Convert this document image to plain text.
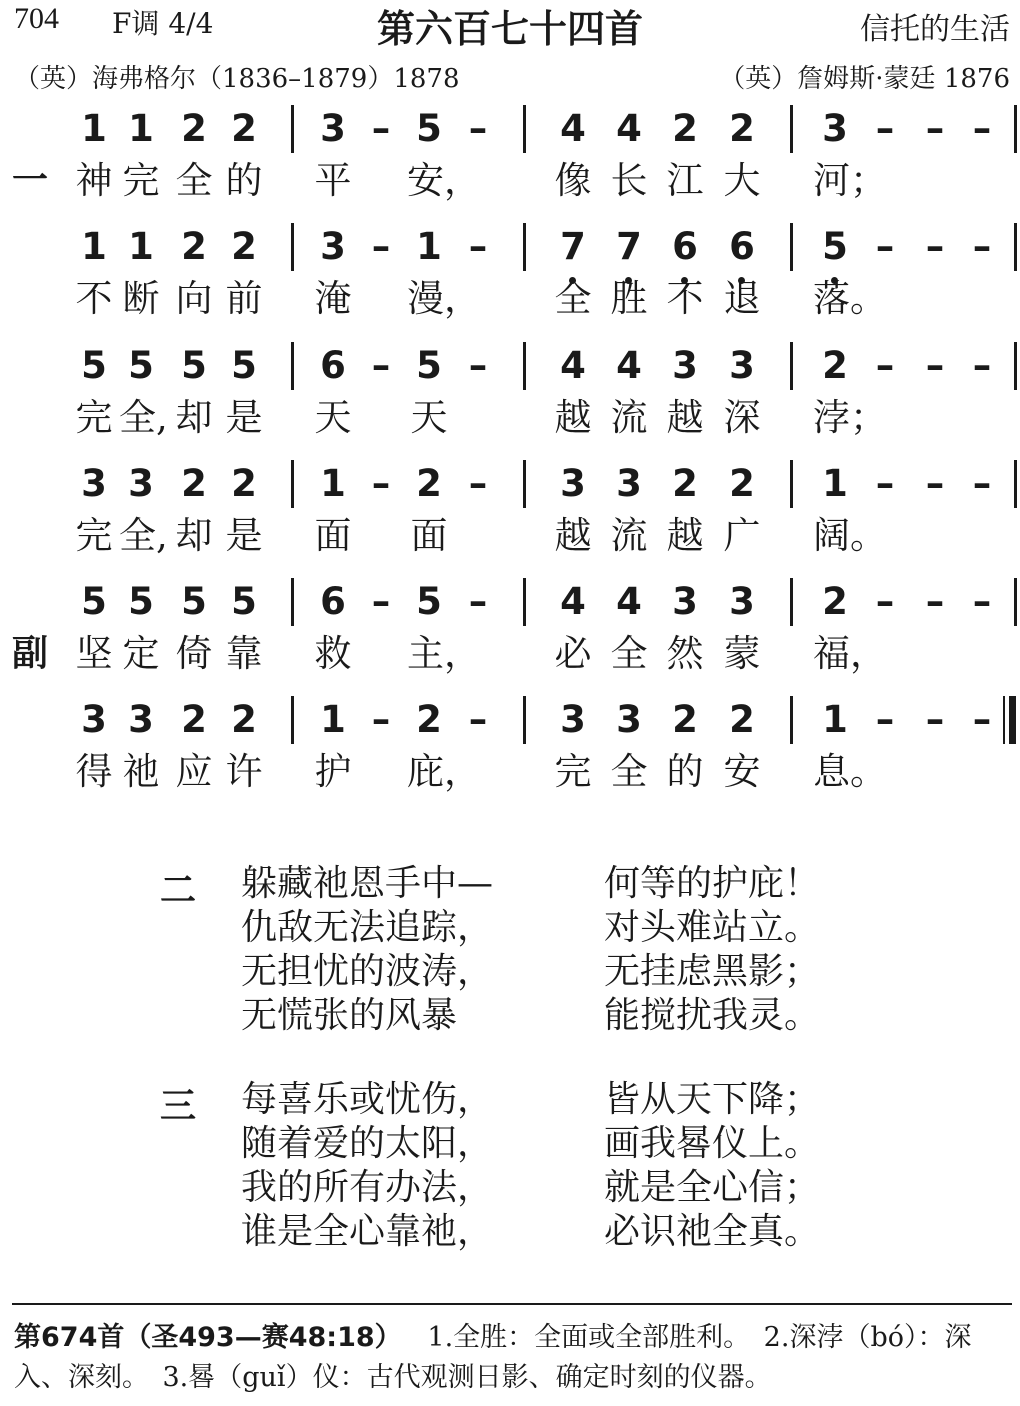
704 F调 4/4	第六百七十四首	信托的生活
（英）海弗格尔（1836–1879）1878	（英）詹姆斯·蒙廷 1876
1 1 2 2 3 – 5 – 4 4 2 2 3 – – –
一 神 完 全 的 平 安， 像 长 江 大 河；
1 1 2 2 3 – 1 – 7 7 6 6 5 – – –
不 断 向 前 淹 漫， 全 胜 不 退 落。
5 5 5 5 6 – 5 – 4 4 3 3 2 – – –
完 全, 却 是 天 天	越 流 越 深 浡；
3 3 2 2 1 – 2 – 3 3 2 2 1 – – –
完 全, 却 是 面 面	越 流 越 广 阔。
5 5 5 5 6 – 5 – 4 4 3 3 2 – – –
副 坚 定 倚 靠 救 主， 必 全 然 蒙 福，
3 3 2 2 1 – 2 – 3 3 2 2 1 – – –
得 祂 应 许 护 庇， 完 全 的 安 息。
二 躲藏祂恩手中—	何等的护庇！
仇敌无法追踪，	对头难站立。
无担忧的波涛，	无挂虑黑影；
无慌张的风暴	能搅扰我灵。
三 每喜乐或忧伤，	皆从天下降；
随着爱的太阳，	画我晷仪上。
我的所有办法，	就是全心信；
谁是全心靠祂，	必识祂全真。
第674首（圣493—赛48:18） 1.全胜：全面或全部胜利。　2.深浡（bó）：深入、深刻。　3.晷（guǐ）仪：古代观测日影、确定时刻的仪器。
